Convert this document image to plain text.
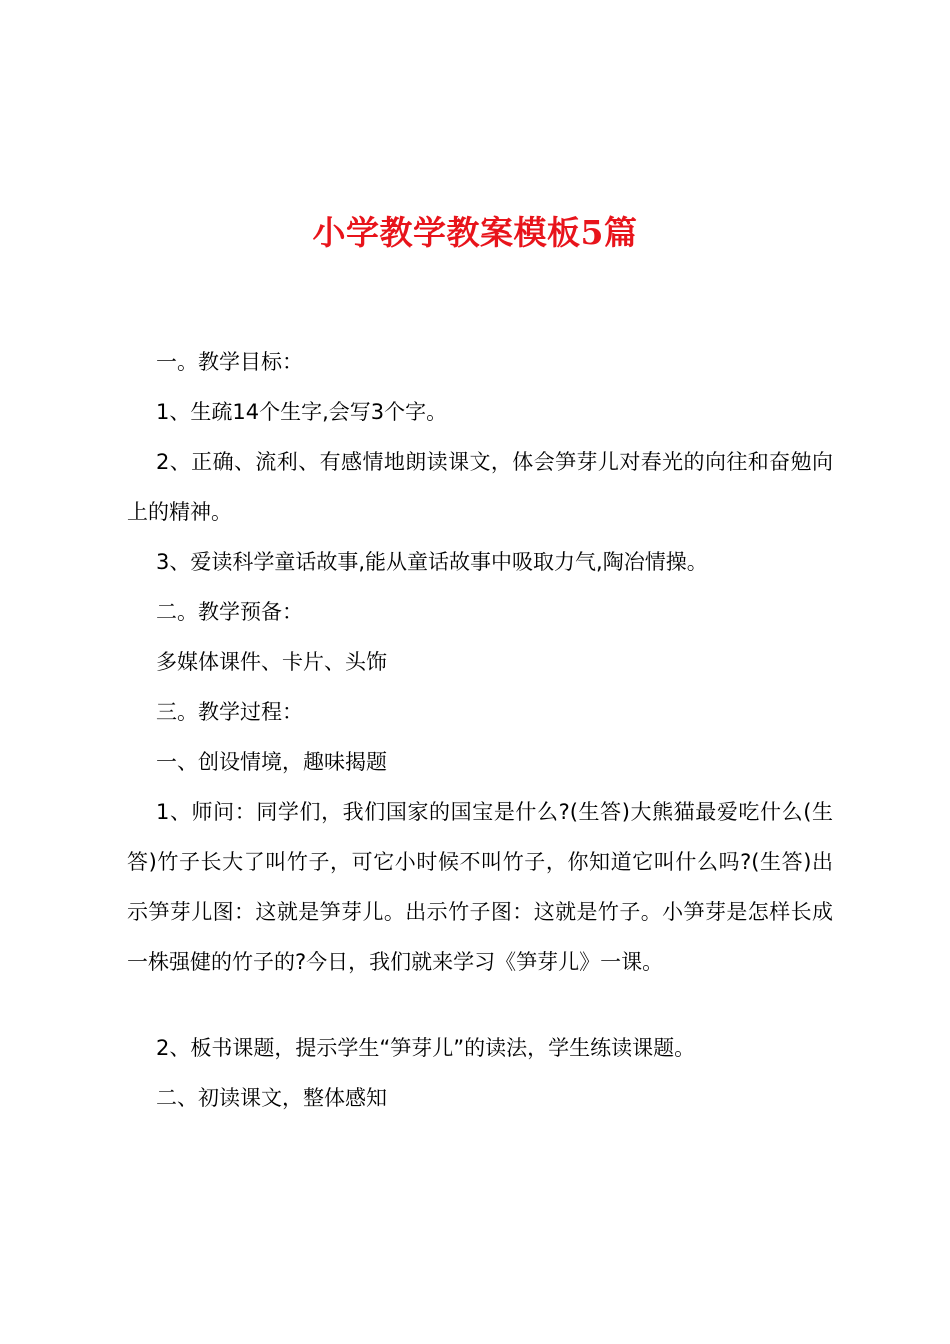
小学教学教案模板5篇

一。教学目标：

1、生疏14个生字,会写3个字。

2、正确、流利、有感情地朗读课文，体会笋芽儿对春光的向往和奋勉向上的精神。

3、爱读科学童话故事,能从童话故事中吸取力气,陶冶情操。

二。教学预备：

多媒体课件、卡片、头饰

三。教学过程：

一、创设情境，趣味揭题

1、师问：同学们，我们国家的国宝是什么?(生答)大熊猫最爱吃什么(生答)竹子长大了叫竹子，可它小时候不叫竹子，你知道它叫什么吗?(生答)出示笋芽儿图：这就是笋芽儿。出示竹子图：这就是竹子。小笋芽是怎样长成一株强健的竹子的?今日，我们就来学习《笋芽儿》一课。

2、板书课题，提示学生“笋芽儿”的读法，学生练读课题。

二、初读课文，整体感知
